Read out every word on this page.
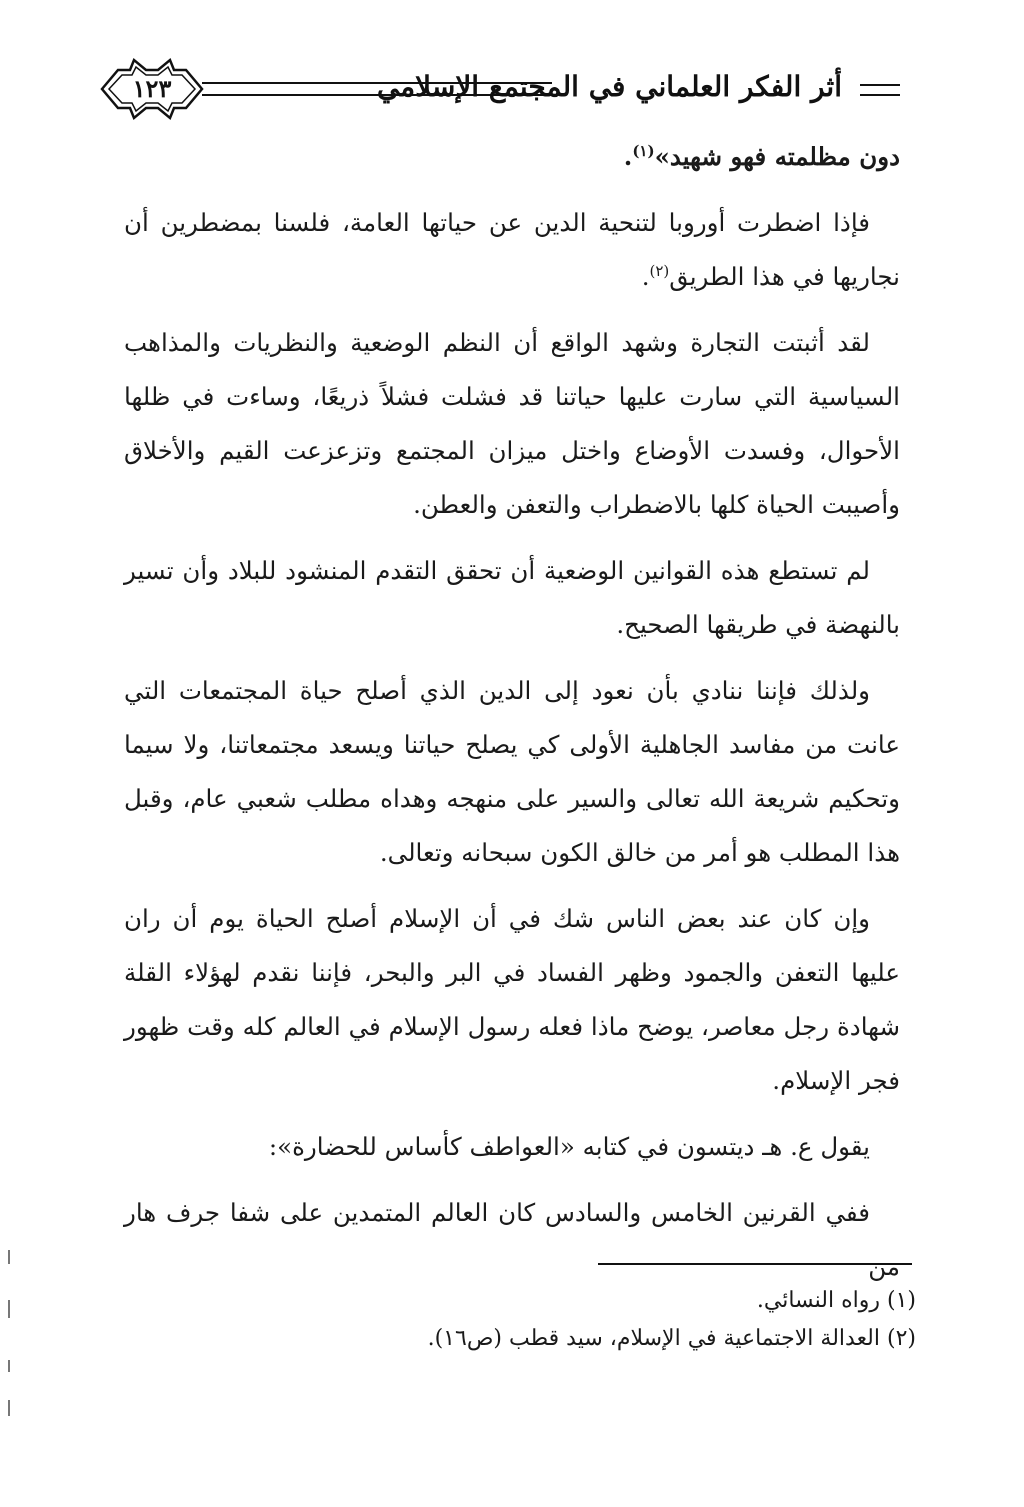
أثر الفكر العلماني في المجتمع الإسلامي
١٢٣

دون مظلمته فهو شهيد»$^{(١)}$.

فإذا اضطرت أوروبا لتنحية الدين عن حياتها العامة، فلسنا بمضطرين أن نجاريها في هذا الطريق$^{(٢)}$.

لقد أثبتت التجارة وشهد الواقع أن النظم الوضعية والنظريات والمذاهب السياسية التي سارت عليها حياتنا قد فشلت فشلاً ذريعًا، وساءت في ظلها الأحوال، وفسدت الأوضاع واختل ميزان المجتمع وتزعزعت القيم والأخلاق وأصيبت الحياة كلها بالاضطراب والتعفن والعطن.

لم تستطع هذه القوانين الوضعية أن تحقق التقدم المنشود للبلاد وأن تسير بالنهضة في طريقها الصحيح.

ولذلك فإننا ننادي بأن نعود إلى الدين الذي أصلح حياة المجتمعات التي عانت من مفاسد الجاهلية الأولى كي يصلح حياتنا ويسعد مجتمعاتنا، ولا سيما وتحكيم شريعة الله تعالى والسير على منهجه وهداه مطلب شعبي عام، وقبل هذا المطلب هو أمر من خالق الكون سبحانه وتعالى.

وإن كان عند بعض الناس شك في أن الإسلام أصلح الحياة يوم أن ران عليها التعفن والجمود وظهر الفساد في البر والبحر، فإننا نقدم لهؤلاء القلة شهادة رجل معاصر، يوضح ماذا فعله رسول الإسلام في العالم كله وقت ظهور فجر الإسلام.

يقول ع. هـ ديتسون في كتابه «العواطف كأساس للحضارة»:

ففي القرنين الخامس والسادس كان العالم المتمدين على شفا جرف هار من

(١) رواه النسائي.

(٢) العدالة الاجتماعية في الإسلام، سيد قطب (ص١٦).
